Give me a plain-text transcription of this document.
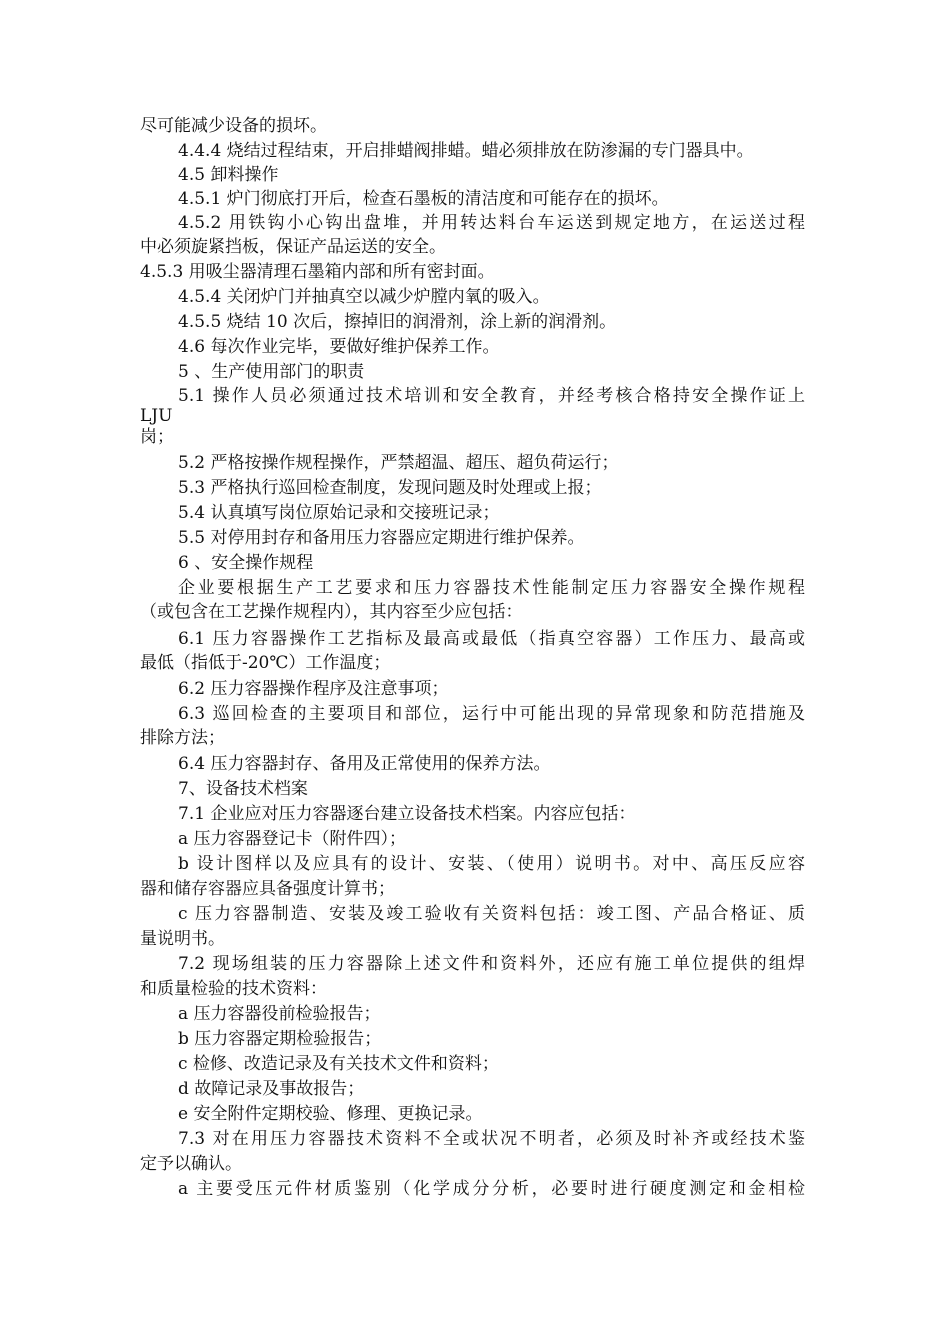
尽可能减少设备的损坏。
4.4.4 烧结过程结束，开启排蜡阀排蜡。蜡必须排放在防渗漏的专门器具中。
4.5 卸料操作
4.5.1 炉门彻底打开后，检查石墨板的清洁度和可能存在的损坏。
4.5.2 用铁钩小心钩出盘堆，并用转达料台车运送到规定地方，在运送过程
中必须旋紧挡板，保证产品运送的安全。
4.5.3 用吸尘器清理石墨箱内部和所有密封面。
4.5.4 关闭炉门并抽真空以减少炉膛内氧的吸入。
4.5.5 烧结 10 次后，擦掉旧的润滑剂，涂上新的润滑剂。
4.6 每次作业完毕，要做好维护保养工作。
5 、生产使用部门的职责
5.1 操作人员必须通过技术培训和安全教育，并经考核合格持安全操作证上
LJU
岗；
5.2 严格按操作规程操作，严禁超温、超压、超负荷运行；
5.3 严格执行巡回检查制度，发现问题及时处理或上报；
5.4 认真填写岗位原始记录和交接班记录；
5.5 对停用封存和备用压力容器应定期进行维护保养。
6 、安全操作规程
企业要根据生产工艺要求和压力容器技术性能制定压力容器安全操作规程
（或包含在工艺操作规程内），其内容至少应包括：
6.1 压力容器操作工艺指标及最高或最低（指真空容器）工作压力、最高或
最低（指低于-20℃）工作温度；
6.2 压力容器操作程序及注意事项；
6.3 巡回检查的主要项目和部位，运行中可能出现的异常现象和防范措施及
排除方法；
6.4 压力容器封存、备用及正常使用的保养方法。
7、设备技术档案
7.1 企业应对压力容器逐台建立设备技术档案。内容应包括：
a 压力容器登记卡（附件四）；
b 设计图样以及应具有的设计、安装、（使用）说明书。对中、高压反应容
器和储存容器应具备强度计算书；
c 压力容器制造、安装及竣工验收有关资料包括：竣工图、产品合格证、质
量说明书。
7.2 现场组装的压力容器除上述文件和资料外，还应有施工单位提供的组焊
和质量检验的技术资料：
a 压力容器役前检验报告；
b 压力容器定期检验报告；
c 检修、改造记录及有关技术文件和资料；
d 故障记录及事故报告；
e 安全附件定期校验、修理、更换记录。
7.3 对在用压力容器技术资料不全或状况不明者，必须及时补齐或经技术鉴
定予以确认。
a 主要受压元件材质鉴别（化学成分分析，必要时进行硬度测定和金相检
